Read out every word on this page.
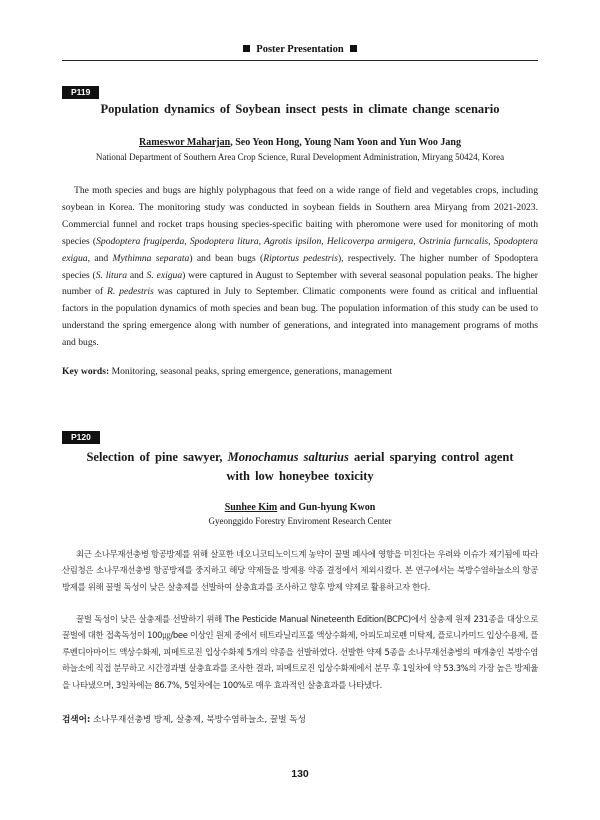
Poster Presentation
P119
Population dynamics of Soybean insect pests in climate change scenario
Rameswor Maharjan, Seo Yeon Hong, Young Nam Yoon and Yun Woo Jang
National Department of Southern Area Crop Science, Rural Development Administration, Miryang 50424, Korea

The moth species and bugs are highly polyphagous that feed on a wide range of field and vegetables crops, including soybean in Korea. The monitoring study was conducted in soybean fields in Southern area Miryang from 2021-2023. Commercial funnel and rocket traps housing species-specific baiting with pheromone were used for monitoring of moth species (Spodoptera frugiperda, Spodoptera litura, Agrotis ipsilon, Helicoverpa armigera, Ostrinia furncalis, Spodoptera exigua, and Mythimna separata) and bean bugs (Riptortus pedestris), respectively. The higher number of Spodoptera species (S. litura and S. exigua) were captured in August to September with several seasonal population peaks. The higher number of R. pedestris was captured in July to September. Climatic components were found as critical and influential factors in the population dynamics of moth species and bean bug. The population information of this study can be used to understand the spring emergence along with number of generations, and integrated into management programs of moths and bugs.

Key words: Monitoring, seasonal peaks, spring emergence, generations, management
P120
Selection of pine sawyer, Monochamus salturius aerial sparying control agent with low honeybee toxicity
Sunhee Kim and Gun-hyung Kwon
Gyeonggido Forestry Enviroment Research Center

최근 소나무재선충병 항공방제를 위해 살포한 네오니코티노이드계 농약이 꿀벌 폐사에 영향을 미친다는 우려와 이슈가 제기됨에 따라 산림청은 소나무재선충병 항공방제를 중지하고 해당 약제들을 방제용 약종 결정에서 제외시켰다. 본 연구에서는 북방수염하늘소의 항공방제를 위해 꿀벌 독성이 낮은 살충제를 선발하여 살충효과를 조사하고 향후 방제 약제로 활용하고자 한다.

꿀벌 독성이 낮은 살충제를 선발하기 위해 The Pesticide Manual Nineteenth Edition(BCPC)에서 살충제 원제 231종을 대상으로 꿀벌에 대한 접촉독성이 100㎍/bee 이상인 원제 중에서 테트라닐리프롤 액상수화제, 아피도피로펜 미탁제, 플로니카미드 입상수용제, 플루벤디아마이드 액상수화제, 피메트로진 입상수화제 5개의 약종을 선발하였다. 선발한 약제 5종을 소나무재선충병의 매개충인 북방수염하늘소에 직접 분무하고 시간경과별 살충효과를 조사한 결과, 피메트로진 입상수화제에서 분무 후 1일차에 약 53.3%의 가장 높은 방제율을 나타냈으며, 3일차에는 86.7%, 5일차에는 100%로 매우 효과적인 살충효과를 나타냈다.

검색어: 소나무재선충병 방제, 살충제, 북방수염하늘소, 꿀벌 독성
130
